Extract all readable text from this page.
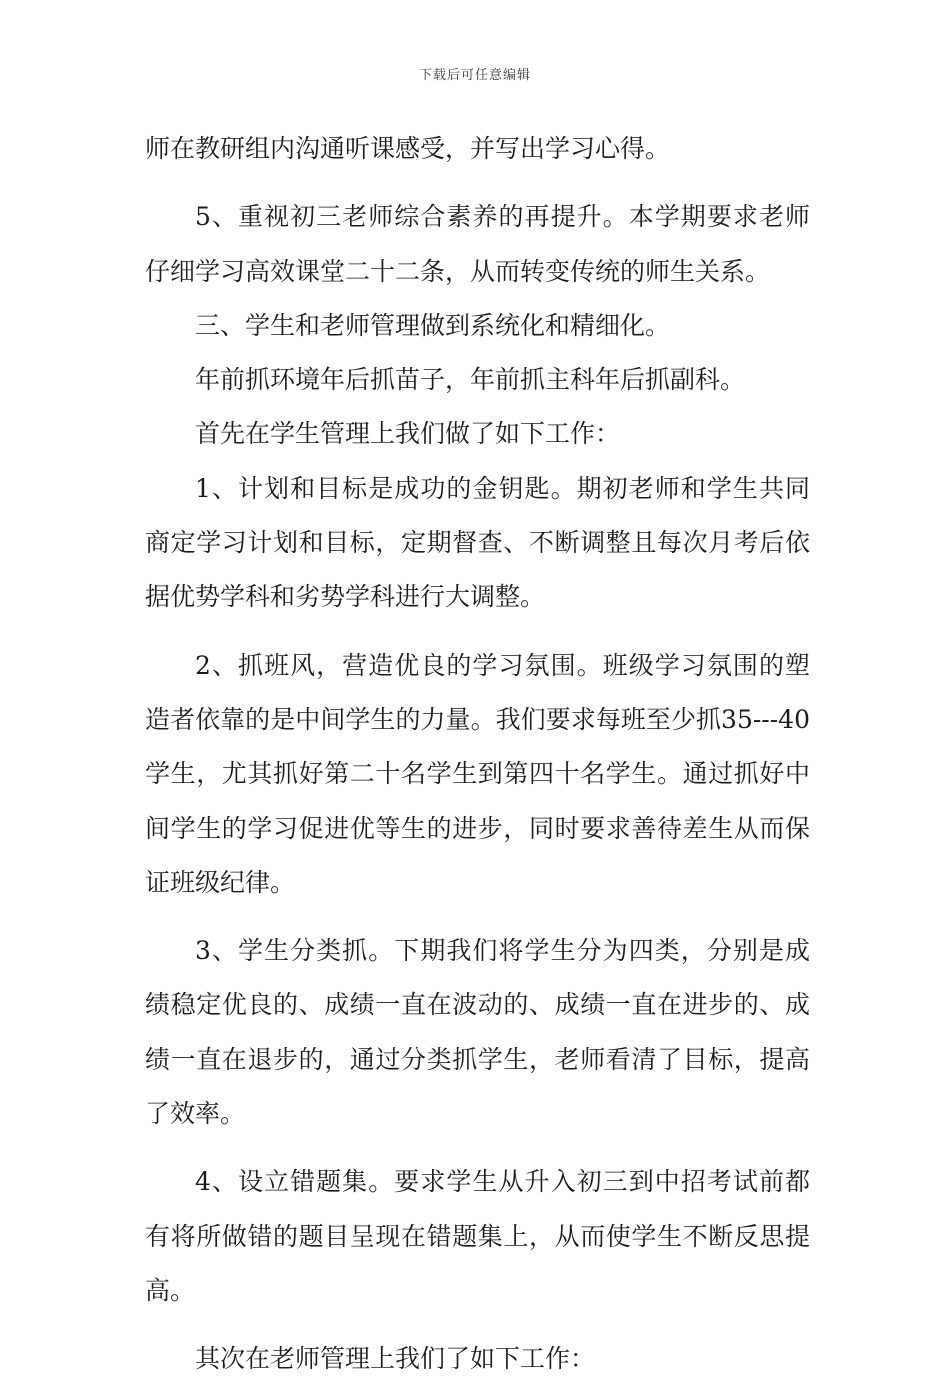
下载后可任意编辑

师在教研组内沟通听课感受，并写出学习心得。

5、重视初三老师综合素养的再提升。本学期要求老师仔细学习高效课堂二十二条，从而转变传统的师生关系。

三、学生和老师管理做到系统化和精细化。

年前抓环境年后抓苗子，年前抓主科年后抓副科。

首先在学生管理上我们做了如下工作：

1、计划和目标是成功的金钥匙。期初老师和学生共同商定学习计划和目标，定期督查、不断调整且每次月考后依据优势学科和劣势学科进行大调整。

2、抓班风，营造优良的学习氛围。班级学习氛围的塑造者依靠的是中间学生的力量。我们要求每班至少抓35---40学生，尤其抓好第二十名学生到第四十名学生。通过抓好中间学生的学习促进优等生的进步，同时要求善待差生从而保证班级纪律。

3、学生分类抓。下期我们将学生分为四类，分别是成绩稳定优良的、成绩一直在波动的、成绩一直在进步的、成绩一直在退步的，通过分类抓学生，老师看清了目标，提高了效率。

4、设立错题集。要求学生从升入初三到中招考试前都有将所做错的题目呈现在错题集上，从而使学生不断反思提高。

其次在老师管理上我们了如下工作：
